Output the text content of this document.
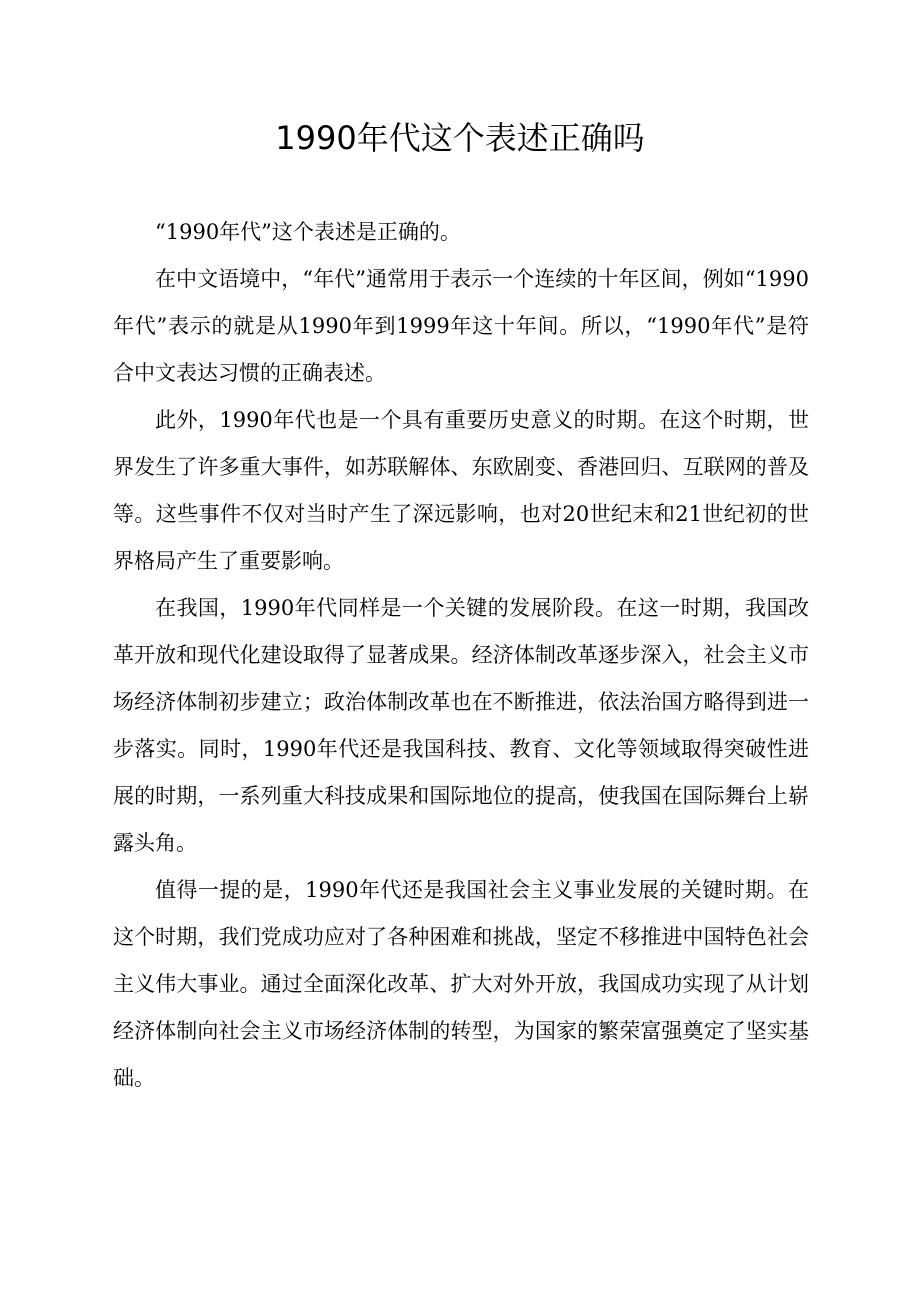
1990年代这个表述正确吗

“1990年代”这个表述是正确的。

在中文语境中，“年代”通常用于表示一个连续的十年区间，例如“1990年代”表示的就是从1990年到1999年这十年间。所以，“1990年代”是符合中文表达习惯的正确表述。

此外，1990年代也是一个具有重要历史意义的时期。在这个时期，世界发生了许多重大事件，如苏联解体、东欧剧变、香港回归、互联网的普及等。这些事件不仅对当时产生了深远影响，也对20世纪末和21世纪初的世界格局产生了重要影响。

在我国，1990年代同样是一个关键的发展阶段。在这一时期，我国改革开放和现代化建设取得了显著成果。经济体制改革逐步深入，社会主义市场经济体制初步建立；政治体制改革也在不断推进，依法治国方略得到进一步落实。同时，1990年代还是我国科技、教育、文化等领域取得突破性进展的时期，一系列重大科技成果和国际地位的提高，使我国在国际舞台上崭露头角。

值得一提的是，1990年代还是我国社会主义事业发展的关键时期。在这个时期，我们党成功应对了各种困难和挑战，坚定不移推进中国特色社会主义伟大事业。通过全面深化改革、扩大对外开放，我国成功实现了从计划经济体制向社会主义市场经济体制的转型，为国家的繁荣富强奠定了坚实基础。
